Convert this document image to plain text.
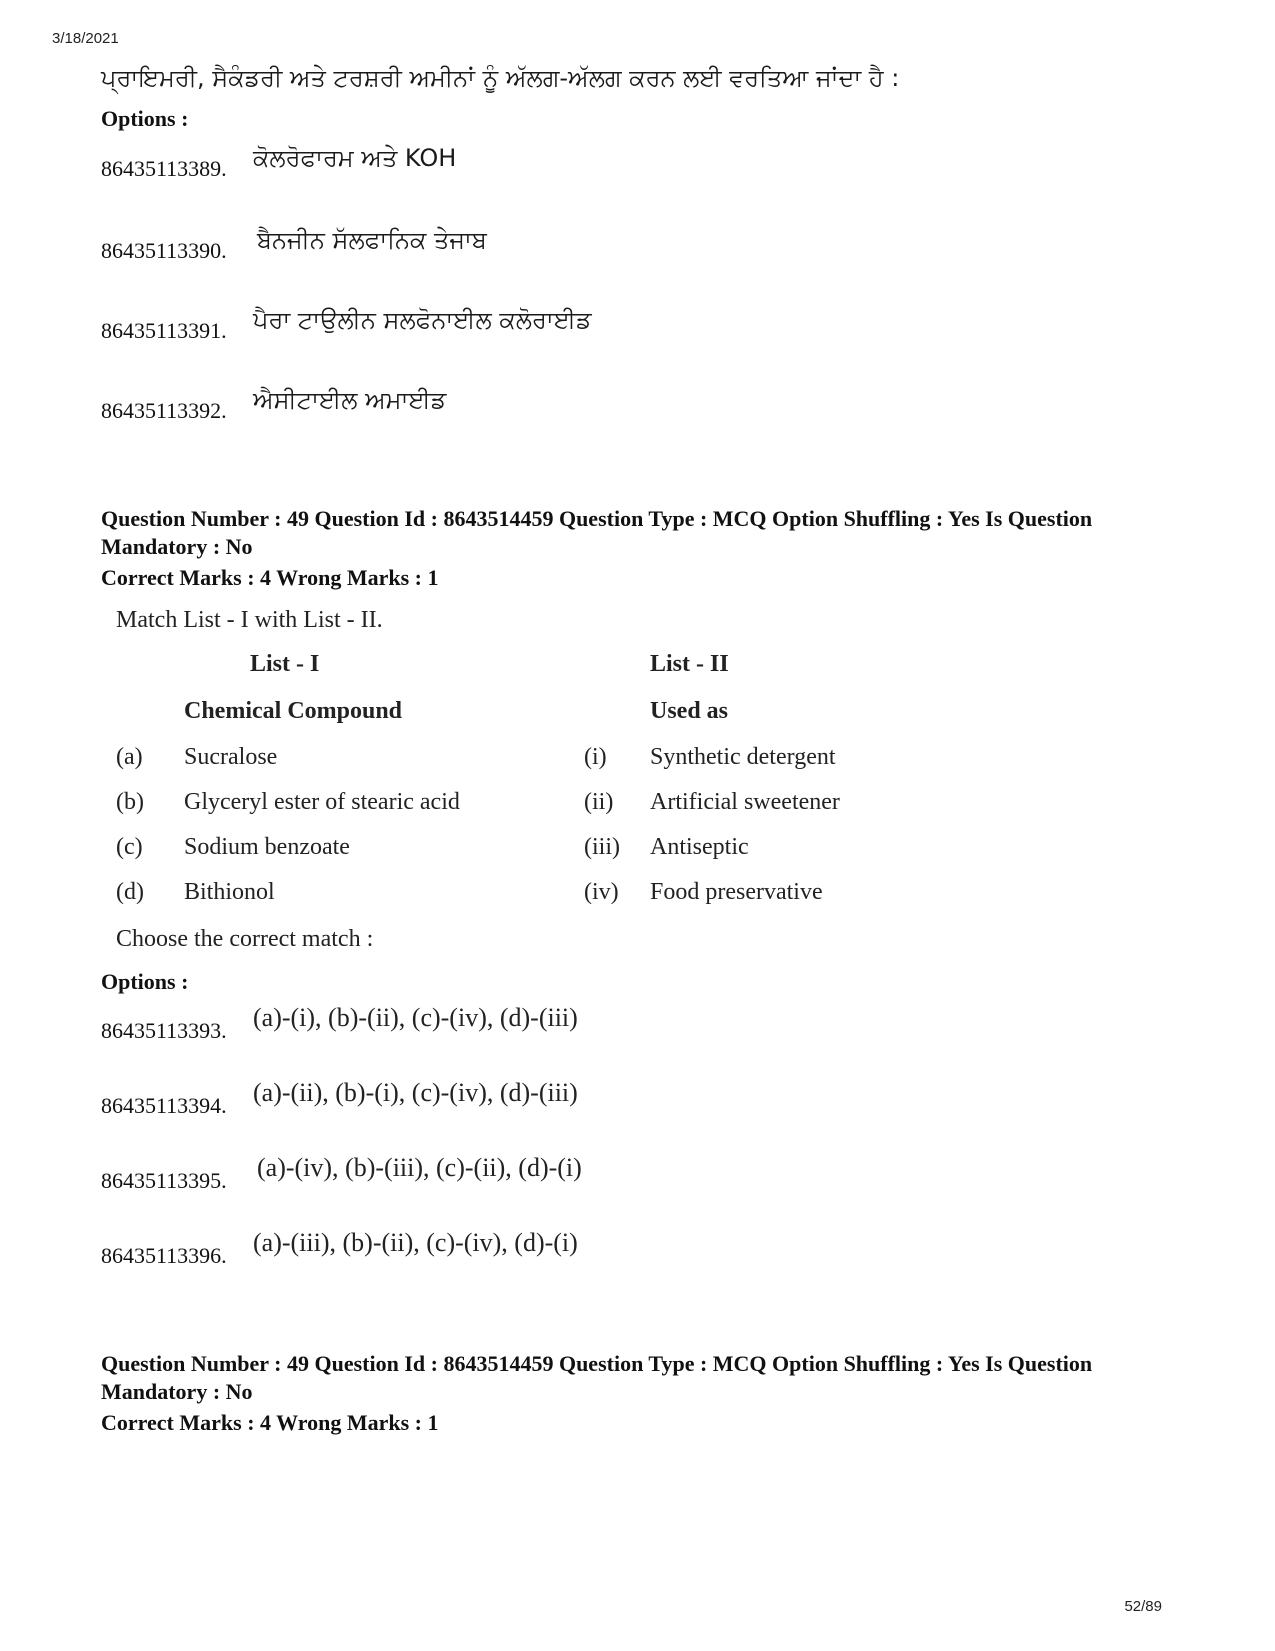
3/18/2021
ਪ੍ਰਾਇਮਰੀ, ਸੈਕੰਡਰੀ ਅਤੇ ਟਰਸ਼ਰੀ ਅਮੀਨਾਂ ਨੂੰ ਅੱਲਗ-ਅੱਲਗ ਕਰਨ ਲਈ ਵਰਤਿਆ ਜਾਂਦਾ ਹੈ :
Options :
86435113389. ਕੋਲਰੋਫਾਰਮ ਅਤੇ KOH
86435113390. ਬੈਨਜੀਨ ਸੱਲਫਾਨਿਕ ਤੇਜਾਬ
86435113391. ਪੈਰਾ ਟਾਉਲੀਨ ਸਲਫੋਨਾਈਲ ਕਲੋਰਾਈਡ
86435113392. ਐਸੀਟਾਈਲ ਅਮਾਈਡ
Question Number : 49 Question Id : 8643514459 Question Type : MCQ Option Shuffling : Yes Is Question Mandatory : No
Correct Marks : 4 Wrong Marks : 1
Match List - I with List - II.
List - I	List - II
Chemical Compound	Used as
(a) Sucralose	(i) Synthetic detergent
(b) Glyceryl ester of stearic acid	(ii) Artificial sweetener
(c) Sodium benzoate	(iii) Antiseptic
(d) Bithionol	(iv) Food preservative
Choose the correct match :
Options :
86435113393. (a)-(i), (b)-(ii), (c)-(iv), (d)-(iii)
86435113394. (a)-(ii), (b)-(i), (c)-(iv), (d)-(iii)
86435113395. (a)-(iv), (b)-(iii), (c)-(ii), (d)-(i)
86435113396. (a)-(iii), (b)-(ii), (c)-(iv), (d)-(i)
Question Number : 49 Question Id : 8643514459 Question Type : MCQ Option Shuffling : Yes Is Question Mandatory : No
Correct Marks : 4 Wrong Marks : 1
52/89
